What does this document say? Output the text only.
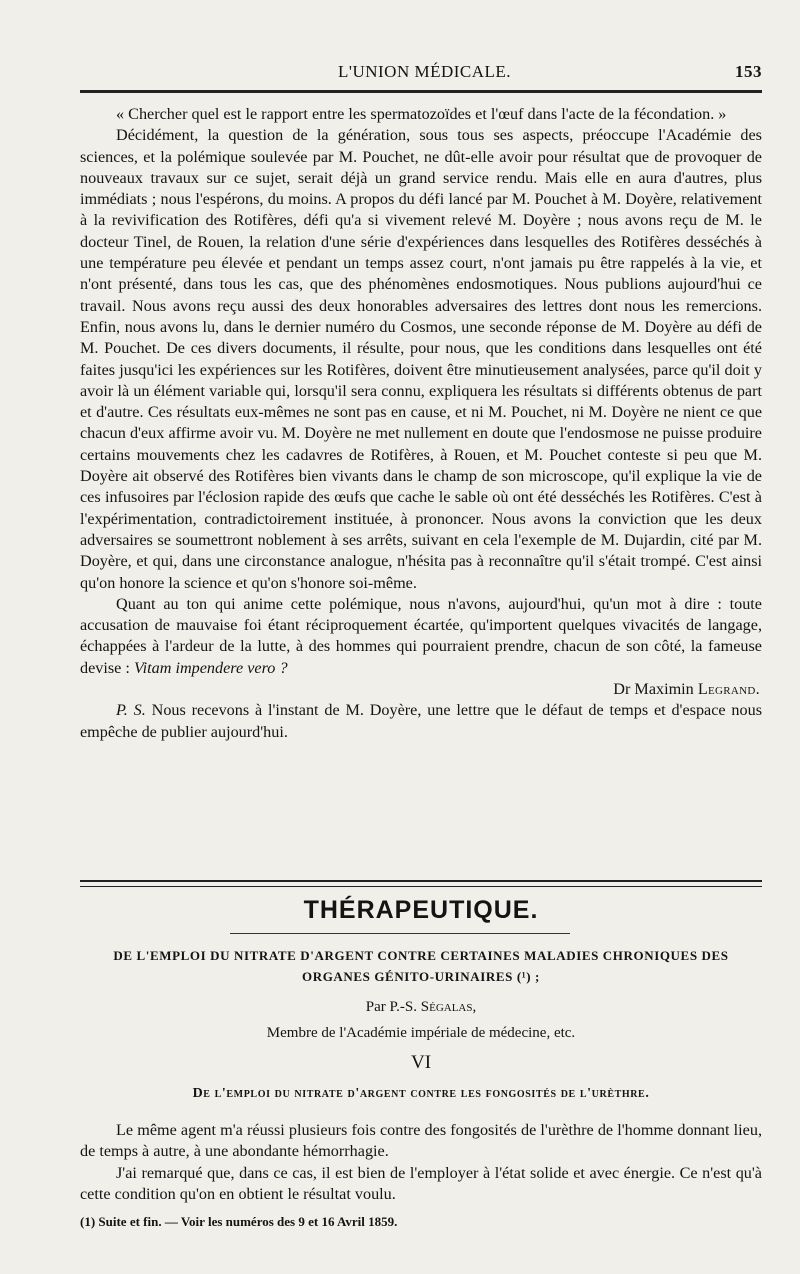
L'UNION MÉDICALE.	153

« Chercher quel est le rapport entre les spermatozoïdes et l'œuf dans l'acte de la fécondation. »

Décidément, la question de la génération, sous tous ses aspects, préoccupe l'Académie des sciences, et la polémique soulevée par M. Pouchet, ne dût-elle avoir pour résultat que de provoquer de nouveaux travaux sur ce sujet, serait déjà un grand service rendu. Mais elle en aura d'autres, plus immédiats ; nous l'espérons, du moins. A propos du défi lancé par M. Pouchet à M. Doyère, relativement à la revivification des Rotifères, défi qu'a si vivement relevé M. Doyère ; nous avons reçu de M. le docteur Tinel, de Rouen, la relation d'une série d'expériences dans lesquelles des Rotifères desséchés à une température peu élevée et pendant un temps assez court, n'ont jamais pu être rappelés à la vie, et n'ont présenté, dans tous les cas, que des phénomènes endosmotiques. Nous publions aujourd'hui ce travail. Nous avons reçu aussi des deux honorables adversaires des lettres dont nous les remercions. Enfin, nous avons lu, dans le dernier numéro du Cosmos, une seconde réponse de M. Doyère au défi de M. Pouchet. De ces divers documents, il résulte, pour nous, que les conditions dans lesquelles ont été faites jusqu'ici les expériences sur les Rotifères, doivent être minutieusement analysées, parce qu'il doit y avoir là un élément variable qui, lorsqu'il sera connu, expliquera les résultats si différents obtenus de part et d'autre. Ces résultats eux-mêmes ne sont pas en cause, et ni M. Pouchet, ni M. Doyère ne nient ce que chacun d'eux affirme avoir vu. M. Doyère ne met nullement en doute que l'endosmose ne puisse produire certains mouvements chez les cadavres de Rotifères, à Rouen, et M. Pouchet conteste si peu que M. Doyère ait observé des Rotifères bien vivants dans le champ de son microscope, qu'il explique la vie de ces infusoires par l'éclosion rapide des œufs que cache le sable où ont été desséchés les Rotifères. C'est à l'expérimentation, contradictoirement instituée, à prononcer. Nous avons la conviction que les deux adversaires se soumettront noblement à ses arrêts, suivant en cela l'exemple de M. Dujardin, cité par M. Doyère, et qui, dans une circonstance analogue, n'hésita pas à reconnaître qu'il s'était trompé. C'est ainsi qu'on honore la science et qu'on s'honore soi-même.

Quant au ton qui anime cette polémique, nous n'avons, aujourd'hui, qu'un mot à dire : toute accusation de mauvaise foi étant réciproquement écartée, qu'importent quelques vivacités de langage, échappées à l'ardeur de la lutte, à des hommes qui pourraient prendre, chacun de son côté, la fameuse devise : Vitam impendere vero ?

Dr Maximin Legrand.

P. S. Nous recevons à l'instant de M. Doyère, une lettre que le défaut de temps et d'espace nous empêche de publier aujourd'hui.

THÉRAPEUTIQUE.
DE L'EMPLOI DU NITRATE D'ARGENT CONTRE CERTAINES MALADIES CHRONIQUES DES
ORGANES GÉNITO-URINAIRES (¹) ;
Par P.-S. Ségalas,
Membre de l'Académie impériale de médecine, etc.
VI
De l'emploi du nitrate d'argent contre les fongosités de l'urèthre.

Le même agent m'a réussi plusieurs fois contre des fongosités de l'urèthre de l'homme donnant lieu, de temps à autre, à une abondante hémorrhagie.

J'ai remarqué que, dans ce cas, il est bien de l'employer à l'état solide et avec énergie. Ce n'est qu'à cette condition qu'on en obtient le résultat voulu.

(1) Suite et fin. — Voir les numéros des 9 et 16 Avril 1859.
